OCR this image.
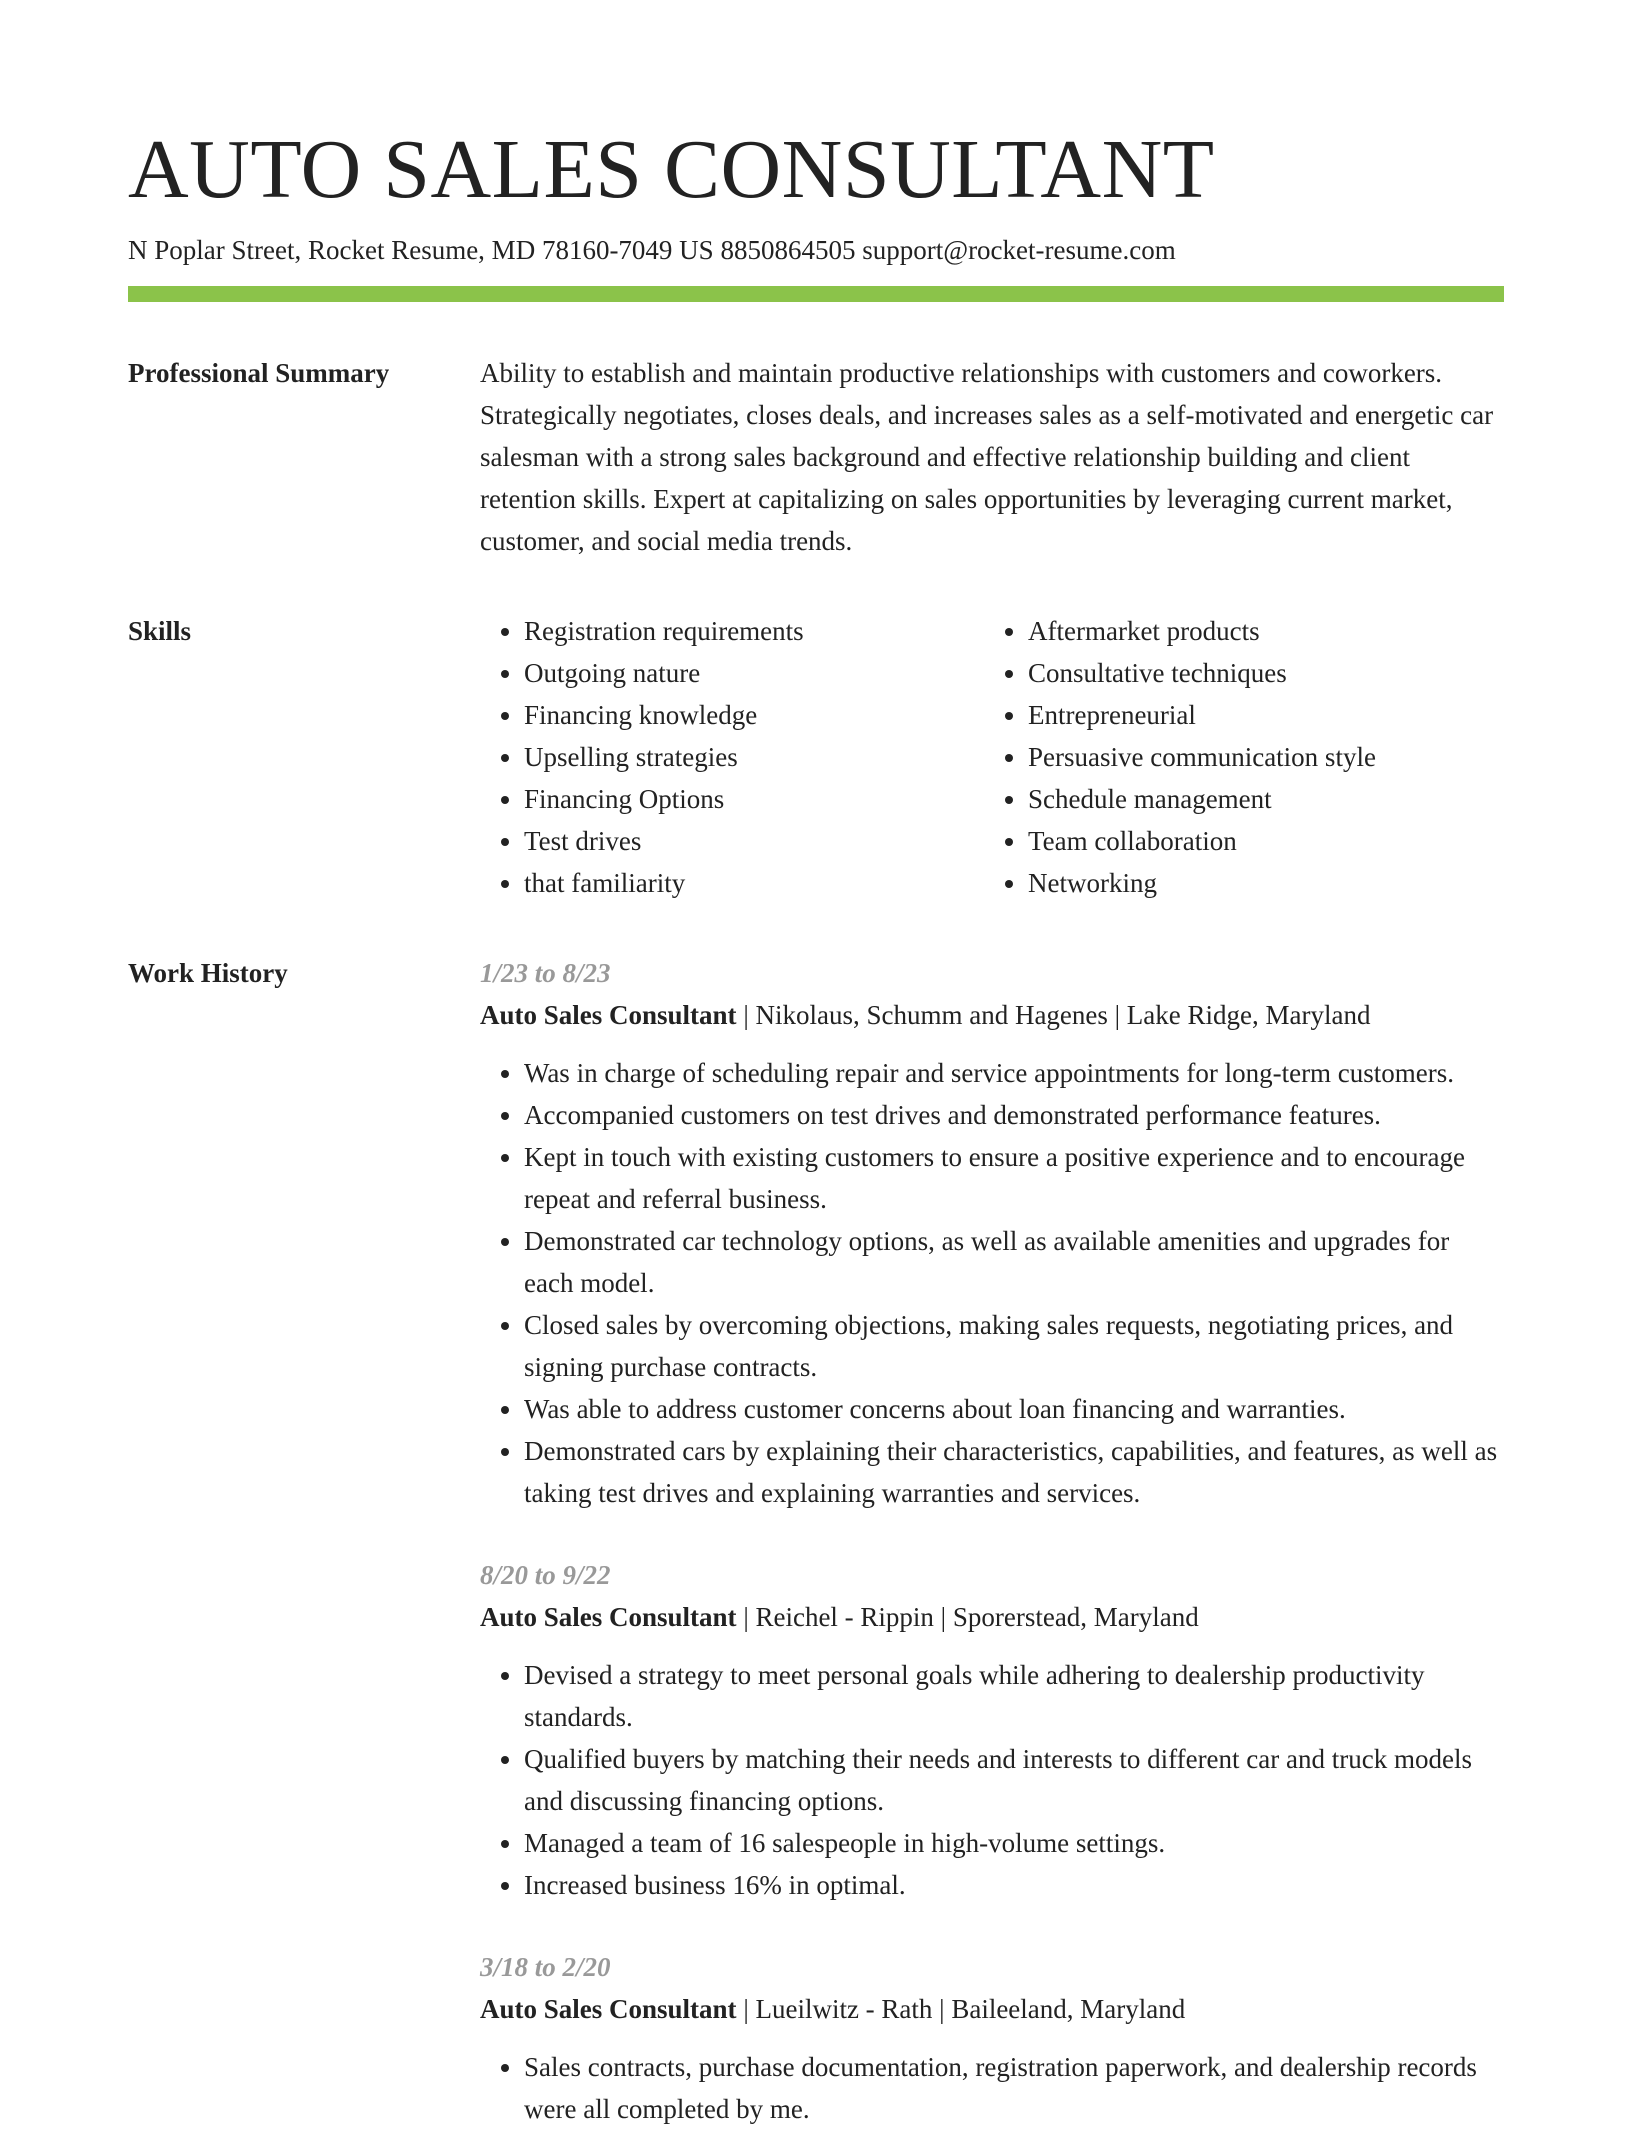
AUTO SALES CONSULTANT
N Poplar Street, Rocket Resume, MD 78160-7049 US 8850864505 support@rocket-resume.com
Professional Summary	Ability to establish and maintain productive relationships with customers and coworkers. Strategically negotiates, closes deals, and increases sales as a self-motivated and energetic car salesman with a strong sales background and effective relationship building and client retention skills. Expert at capitalizing on sales opportunities by leveraging current market, customer, and social media trends.

Skills
•	Registration requirements
• Outgoing nature
• Financing knowledge
• Upselling strategies
• Financing Options
• Test drives
• that familiarity
• Aftermarket products
• Consultative techniques
• Entrepreneurial
• Persuasive communication style
• Schedule management
• Team collaboration
• Networking
Work History	1/23 to 8/23
Auto Sales Consultant | Nikolaus, Schumm and Hagenes | Lake Ridge, Maryland
• Was in charge of scheduling repair and service appointments for long-term customers.
• Accompanied customers on test drives and demonstrated performance features.
• Kept in touch with existing customers to ensure a positive experience and to encourage repeat and referral business.
• Demonstrated car technology options, as well as available amenities and upgrades for each model.
• Closed sales by overcoming objections, making sales requests, negotiating prices, and signing purchase contracts.
• Was able to address customer concerns about loan financing and warranties.
• Demonstrated cars by explaining their characteristics, capabilities, and features, as well as taking test drives and explaining warranties and services.
8/20 to 9/22
Auto Sales Consultant | Reichel - Rippin | Sporerstead, Maryland
• Devised a strategy to meet personal goals while adhering to dealership productivity standards.
• Qualified buyers by matching their needs and interests to different car and truck models and discussing financing options.
• Managed a team of 16 salespeople in high-volume settings.
• Increased business 16% in optimal.
3/18 to 2/20
Auto Sales Consultant | Lueilwitz - Rath | Baileeland, Maryland
• Sales contracts, purchase documentation, registration paperwork, and dealership records were all completed by me.
